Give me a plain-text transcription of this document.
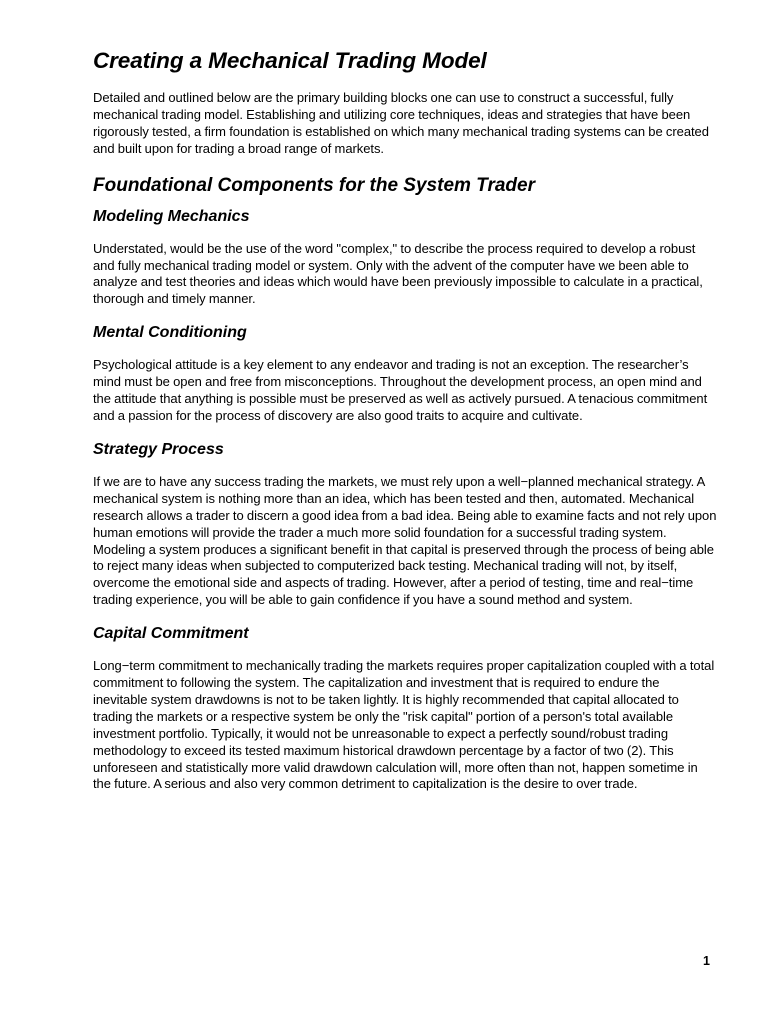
Creating a Mechanical Trading Model

Detailed and outlined below are the primary building blocks one can use to construct a successful, fully mechanical trading model. Establishing and utilizing core techniques, ideas and strategies that have been rigorously tested, a firm foundation is established on which many mechanical trading systems can be created and built upon for trading a broad range of markets.

Foundational Components for the System Trader
Modeling Mechanics

Understated, would be the use of the word "complex," to describe the process required to develop a robust and fully mechanical trading model or system. Only with the advent of the computer have we been able to analyze and test theories and ideas which would have been previously impossible to calculate in a practical, thorough and timely manner.

Mental Conditioning

Psychological attitude is a key element to any endeavor and trading is not an exception. The researcher’s mind must be open and free from misconceptions. Throughout the development process, an open mind and the attitude that anything is possible must be preserved as well as actively pursued. A tenacious commitment and a passion for the process of discovery are also good traits to acquire and cultivate.

Strategy Process

If we are to have any success trading the markets, we must rely upon a well−planned mechanical strategy. A mechanical system is nothing more than an idea, which has been tested and then, automated. Mechanical research allows a trader to discern a good idea from a bad idea. Being able to examine facts and not rely upon human emotions will provide the trader a much more solid foundation for a successful trading system. Modeling a system produces a significant benefit in that capital is preserved through the process of being able to reject many ideas when subjected to computerized back testing. Mechanical trading will not, by itself, overcome the emotional side and aspects of trading. However, after a period of testing, time and real−time trading experience, you will be able to gain confidence if you have a sound method and system.

Capital Commitment

Long−term commitment to mechanically trading the markets requires proper capitalization coupled with a total commitment to following the system. The capitalization and investment that is required to endure the inevitable system drawdowns is not to be taken lightly. It is highly recommended that capital allocated to trading the markets or a respective system be only the "risk capital" portion of a person's total available investment portfolio. Typically, it would not be unreasonable to expect a perfectly sound/robust trading methodology to exceed its tested maximum historical drawdown percentage by a factor of two (2). This unforeseen and statistically more valid drawdown calculation will, more often than not, happen sometime in the future. A serious and also very common detriment to capitalization is the desire to over trade.

1
